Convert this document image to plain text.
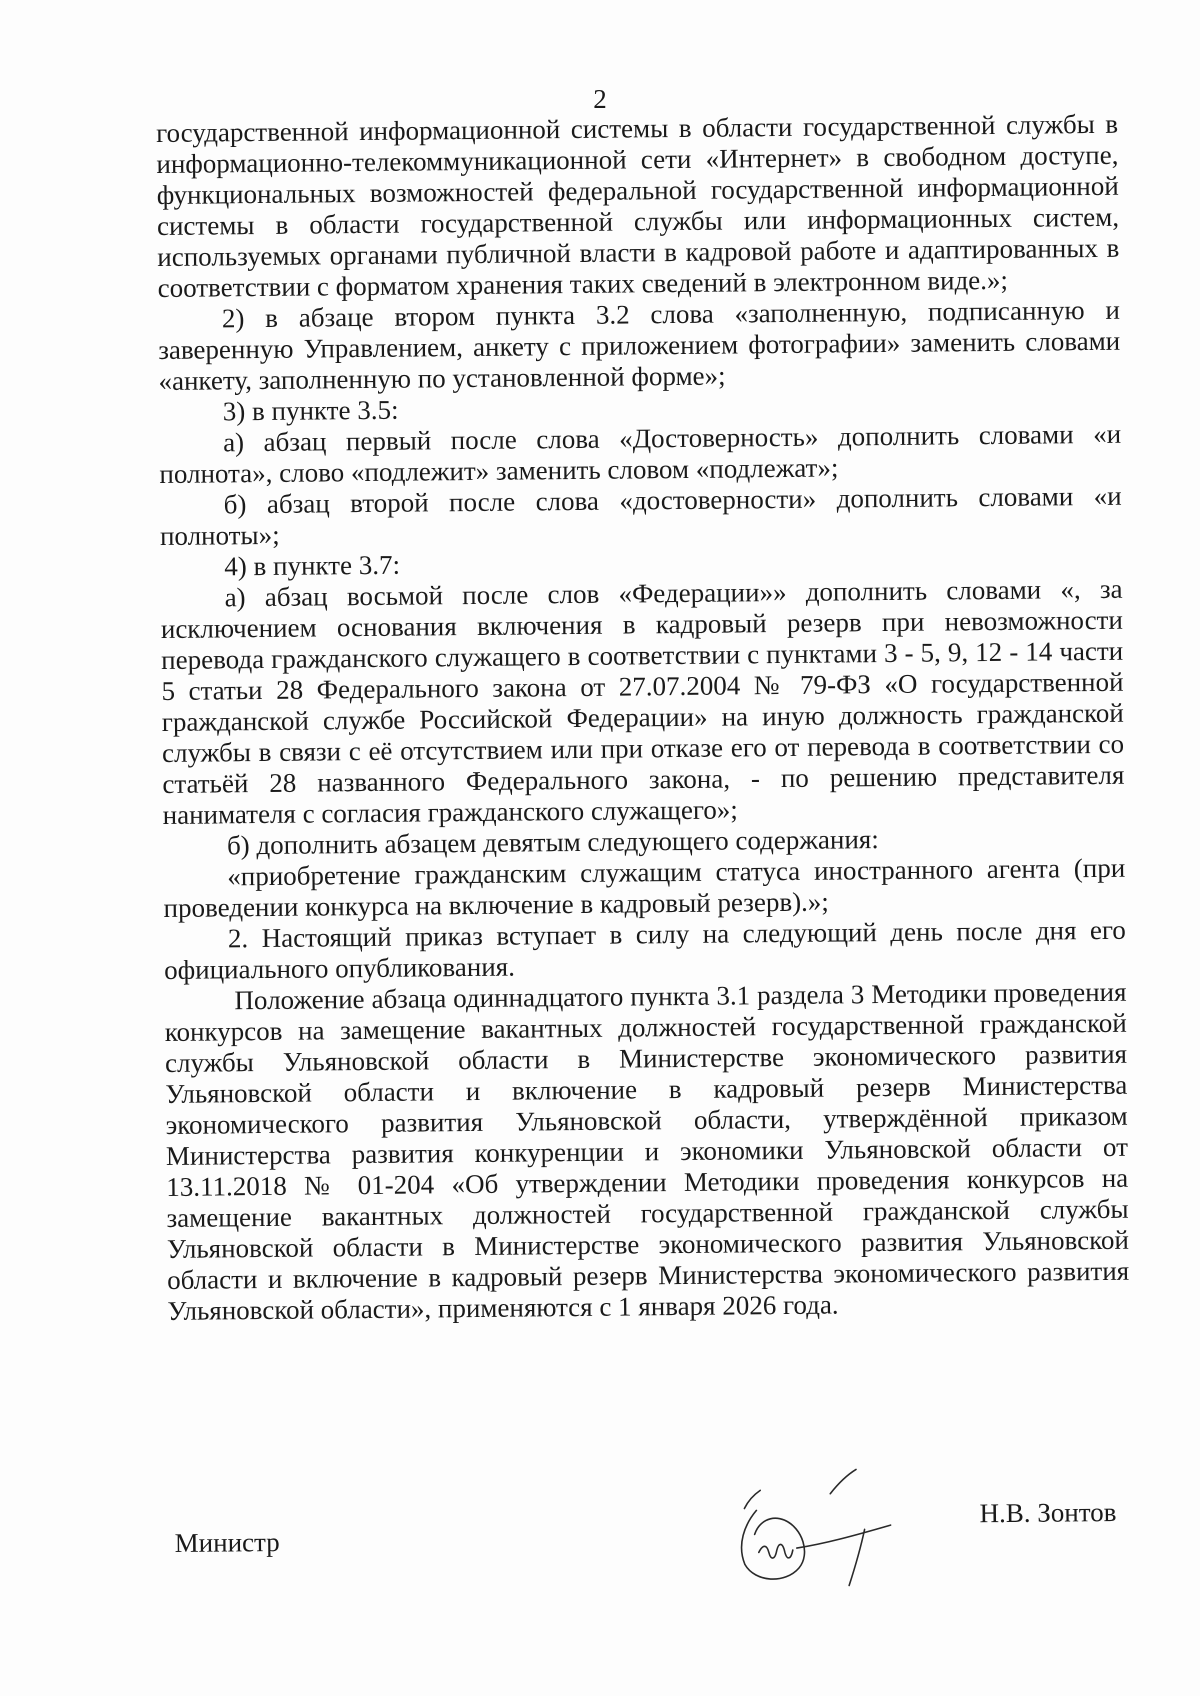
2

государственной информационной системы в области государственной службы в информационно-телекоммуникационной сети «Интернет» в свободном доступе, функциональных возможностей федеральной государственной информационной системы в области государственной службы или информационных систем, используемых органами публичной власти в кадровой работе и адаптированных в соответствии с форматом хранения таких сведений в электронном виде.»;

2) в абзаце втором пункта 3.2 слова «заполненную, подписанную и заверенную Управлением, анкету с приложением фотографии» заменить словами «анкету, заполненную по установленной форме»;

3) в пункте 3.5:

а) абзац первый после слова «Достоверность» дополнить словами «и полнота», слово «подлежит» заменить словом «подлежат»;

б) абзац второй после слова «достоверности» дополнить словами «и полноты»;

4) в пункте 3.7:

а) абзац восьмой после слов «Федерации»» дополнить словами «, за исключением основания включения в кадровый резерв при невозможности перевода гражданского служащего в соответствии с пунктами 3 - 5, 9, 12 - 14 части 5 статьи 28 Федерального закона от 27.07.2004 № 79-ФЗ «О государственной гражданской службе Российской Федерации» на иную должность гражданской службы в связи с её отсутствием или при отказе его от перевода в соответствии со статьёй 28 названного Федерального закона, - по решению представителя нанимателя с согласия гражданского служащего»;

б) дополнить абзацем девятым следующего содержания:

«приобретение гражданским служащим статуса иностранного агента (при проведении конкурса на включение в кадровый резерв).»;

2. Настоящий приказ вступает в силу на следующий день после дня его официального опубликования.

Положение абзаца одиннадцатого пункта 3.1 раздела 3 Методики проведения конкурсов на замещение вакантных должностей государственной гражданской службы Ульяновской области в Министерстве экономического развития Ульяновской области и включение в кадровый резерв Министерства экономического развития Ульяновской области, утверждённой приказом Министерства развития конкуренции и экономики Ульяновской области от 13.11.2018 № 01-204 «Об утверждении Методики проведения конкурсов на замещение вакантных должностей государственной гражданской службы Ульяновской области в Министерстве экономического развития Ульяновской области и включение в кадровый резерв Министерства экономического развития Ульяновской области», применяются с 1 января 2026 года.

Министр
Н.В. Зонтов
